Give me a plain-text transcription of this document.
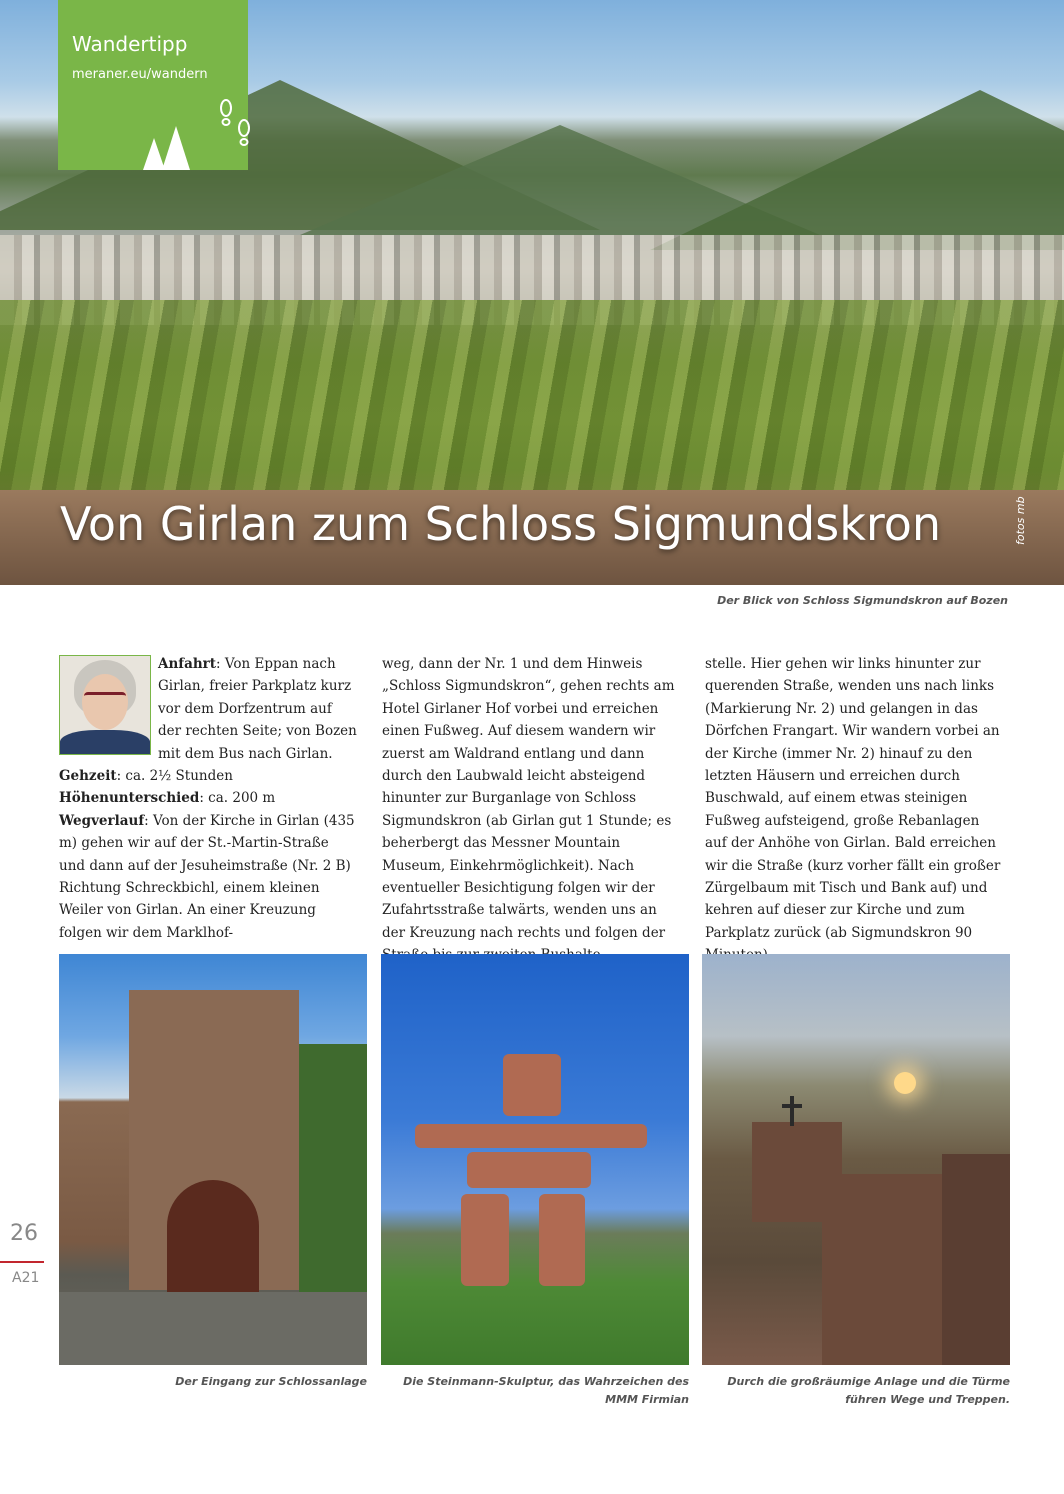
Wandertipp
meraner.eu/wandern
Von Girlan zum Schloss Sigmundskron	fotos mb
Der Blick von Schloss Sigmundskron auf Bozen

Anfahrt: Von Eppan nach Girlan, freier Parkplatz kurz vor dem Dorfzentrum auf der rechten Seite; von Bozen mit dem Bus nach Girlan.

Gehzeit: ca. 2½ Stunden

Höhenunterschied: ca. 200 m

Wegverlauf: Von der Kirche in Girlan (435 m) gehen wir auf der St.-Martin-Straße und dann auf der Jesuheimstraße (Nr. 2 B) Richtung Schreckbichl, einem kleinen Weiler von Girlan. An einer Kreuzung folgen wir dem Marklhof-

weg, dann der Nr. 1 und dem Hinweis „Schloss Sigmundskron“, gehen rechts am Hotel Girlaner Hof vorbei und erreichen einen Fußweg. Auf diesem wandern wir zuerst am Waldrand entlang und dann durch den Laubwald leicht absteigend hinunter zur Burganlage von Schloss Sigmundskron (ab Girlan gut 1 Stunde; es beherbergt das Messner Mountain Museum, Einkehrmöglichkeit). Nach eventueller Besichtigung folgen wir der Zufahrtsstraße talwärts, wenden uns an der Kreuzung nach rechts und folgen der

stelle. Hier gehen wir links hinunter zur querenden Straße, wenden uns nach links (Markierung Nr. 2) und gelangen in das Dörfchen Frangart. Wir wandern vorbei an der Kirche (immer Nr. 2) hinauf zu den letzten Häusern und erreichen durch Buschwald, auf einem etwas steinigen Fußweg aufsteigend, große Rebanlagen auf der Anhöhe von Girlan. Bald erreichen wir die Straße (kurz vorher fällt ein großer Zürgelbaum mit Tisch und Bank auf) und kehren auf dieser zur Kirche und zum Parkplatz zurück (ab Sigmundskron 90

Der Eingang zur Schlossanlage	Die Steinmann-Skulptur, das Wahrzeichen des MMM Firmian
Durch die großräumige Anlage und die Türme führen Wege und Treppen.
26
A21
